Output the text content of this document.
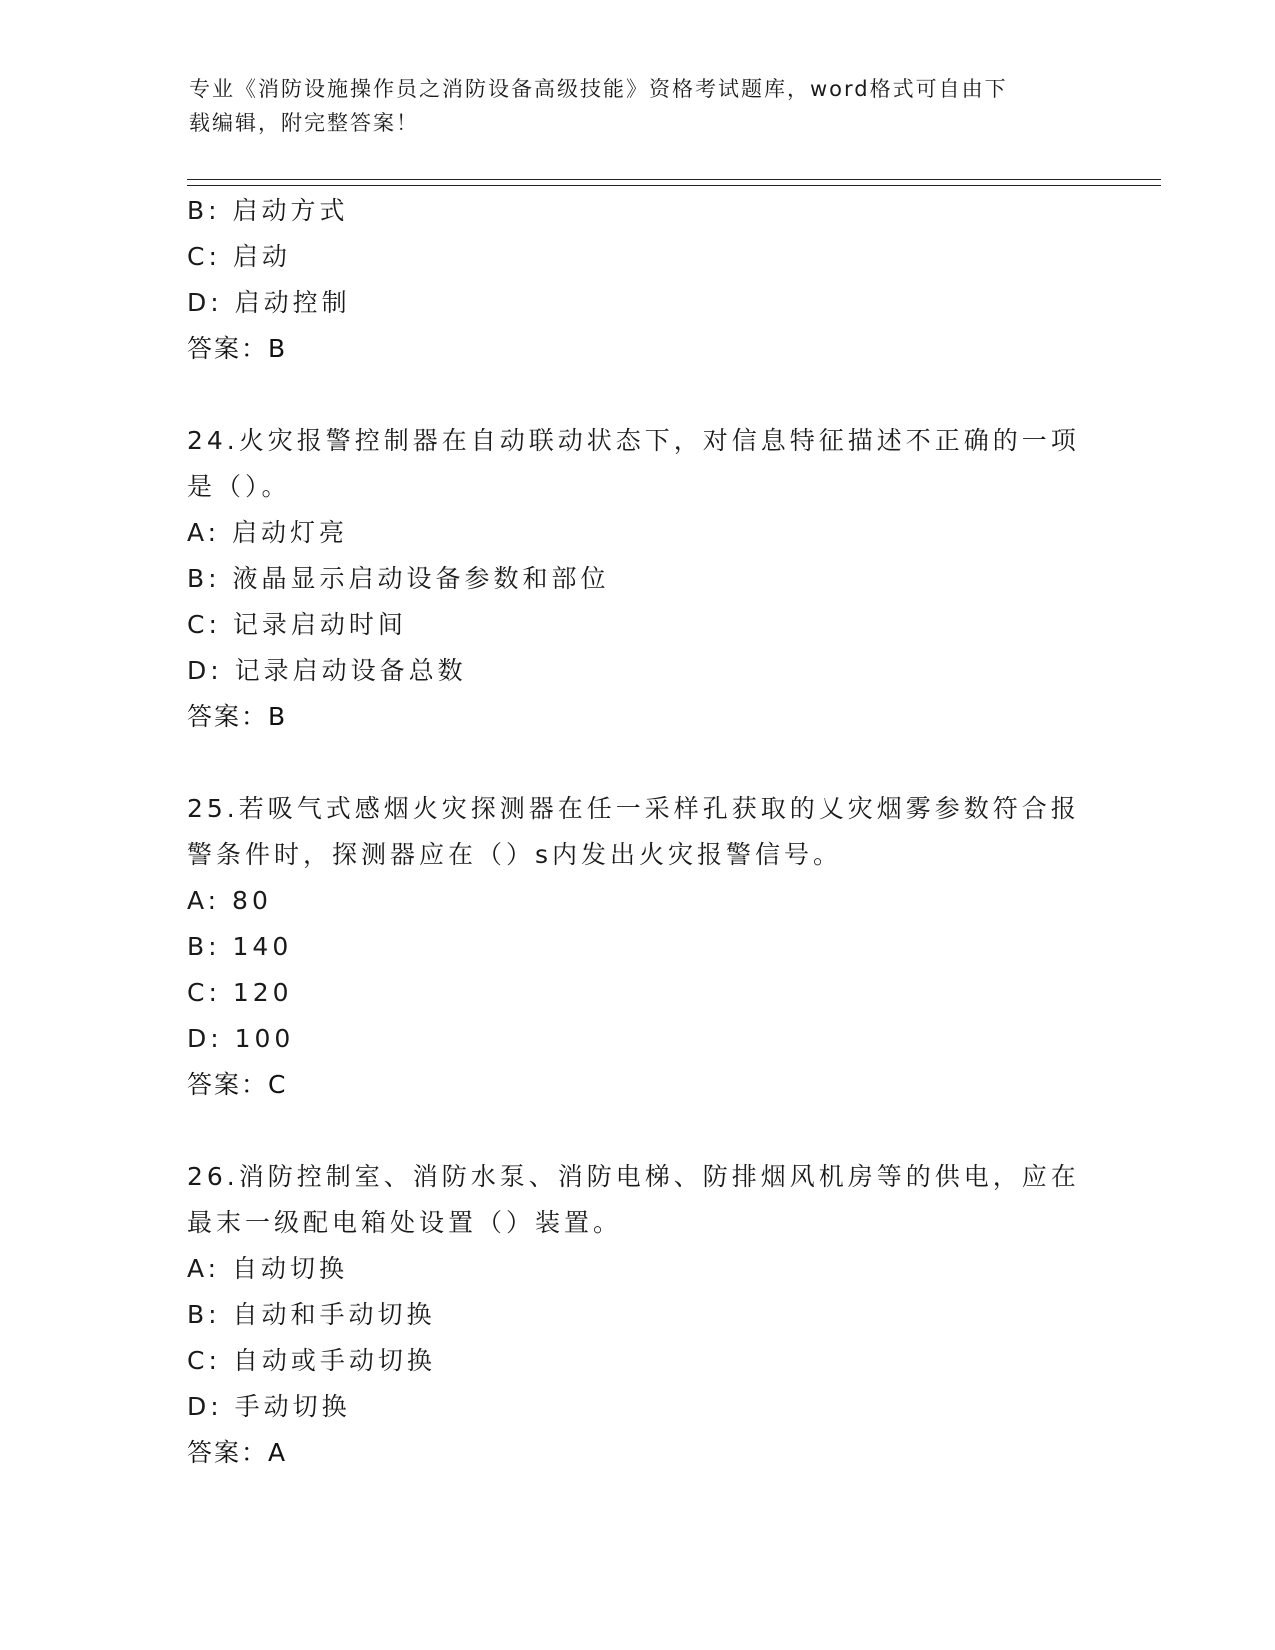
专业《消防设施操作员之消防设备高级技能》资格考试题库，word格式可自由下
载编辑，附完整答案！
B: 启动方式
C: 启动
D: 启动控制
答案：B
24.火灾报警控制器在自动联动状态下，对信息特征描述不正确的一项
是（）。
A: 启动灯亮
B: 液晶显示启动设备参数和部位
C: 记录启动时间
D: 记录启动设备总数
答案：B
25.若吸气式感烟火灾探测器在任一采样孔获取的乂灾烟雾参数符合报
警条件时，探测器应在（）s内发出火灾报警信号。
A: 80
B: 140
C: 120
D: 100
答案：C
26.消防控制室、消防水泵、消防电梯、防排烟风机房等的供电，应在
最末一级配电箱处设置（）装置。
A: 自动切换
B: 自动和手动切换
C: 自动或手动切换
D: 手动切换
答案：A
